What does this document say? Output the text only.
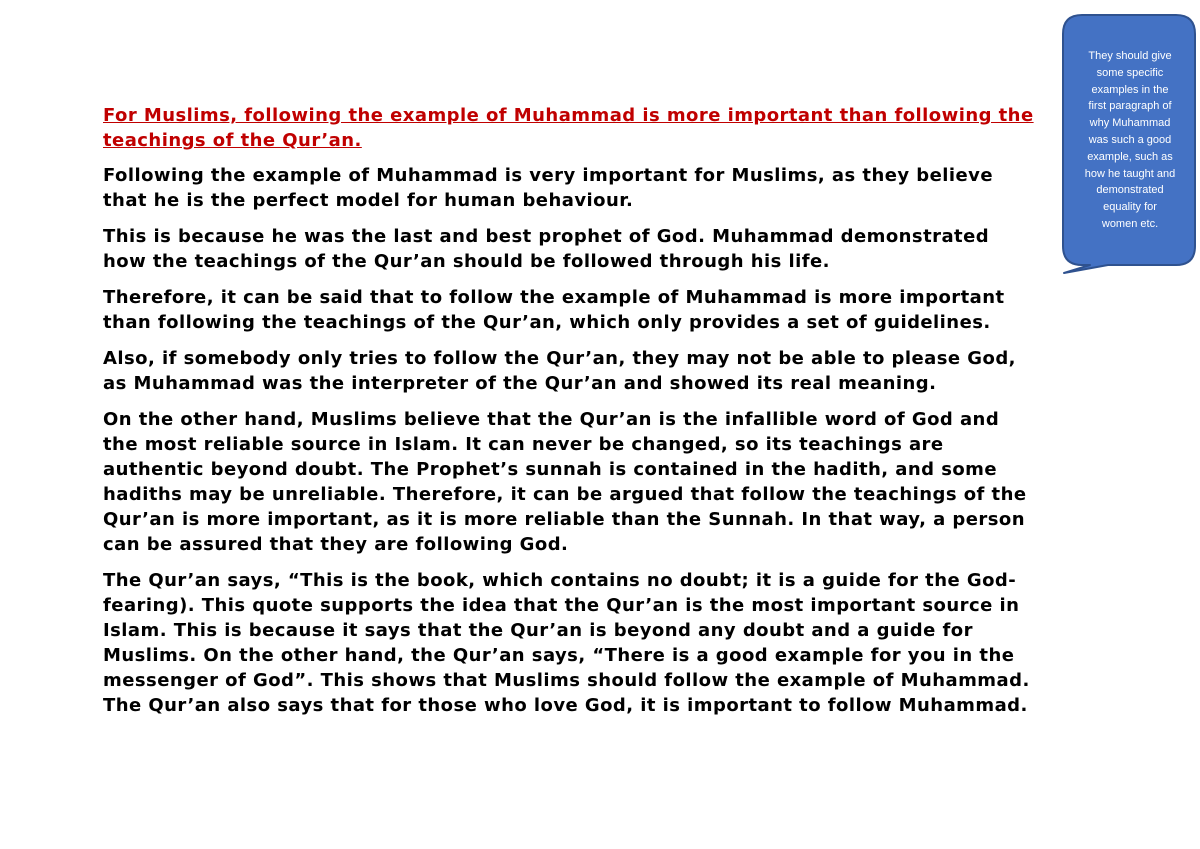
For Muslims, following the example of Muhammad is more important than following the
teachings of the Qur’an.

Following the example of Muhammad is very important for Muslims, as they believe
that he is the perfect model for human behaviour.

This is because he was the last and best prophet of God. Muhammad demonstrated
how the teachings of the Qur’an should be followed through his life.

Therefore, it can be said that to follow the example of Muhammad is more important
than following the teachings of the Qur’an, which only provides a set of guidelines.

Also, if somebody only tries to follow the Qur’an, they may not be able to please God,
as Muhammad was the interpreter of the Qur’an and showed its real meaning.

On the other hand, Muslims believe that the Qur’an is the infallible word of God and
the most reliable source in Islam. It can never be changed, so its teachings are
authentic beyond doubt. The Prophet’s sunnah is contained in the hadith, and some
hadiths may be unreliable. Therefore, it can be argued that follow the teachings of the
Qur’an is more important, as it is more reliable than the Sunnah. In that way, a person
can be assured that they are following God.

The Qur’an says, “This is the book, which contains no doubt; it is a guide for the God-
fearing). This quote supports the idea that the Qur’an is the most important source in
Islam. This is because it says that the Qur’an is beyond any doubt and a guide for
Muslims. On the other hand, the Qur’an says, “There is a good example for you in the
messenger of God”. This shows that Muslims should follow the example of Muhammad.
The Qur’an also says that for those who love God, it is important to follow Muhammad.

They should give
some specific
examples in the
first paragraph of
why Muhammad
was such a good
example, such as
how he taught and
demonstrated
equality for
women etc.
